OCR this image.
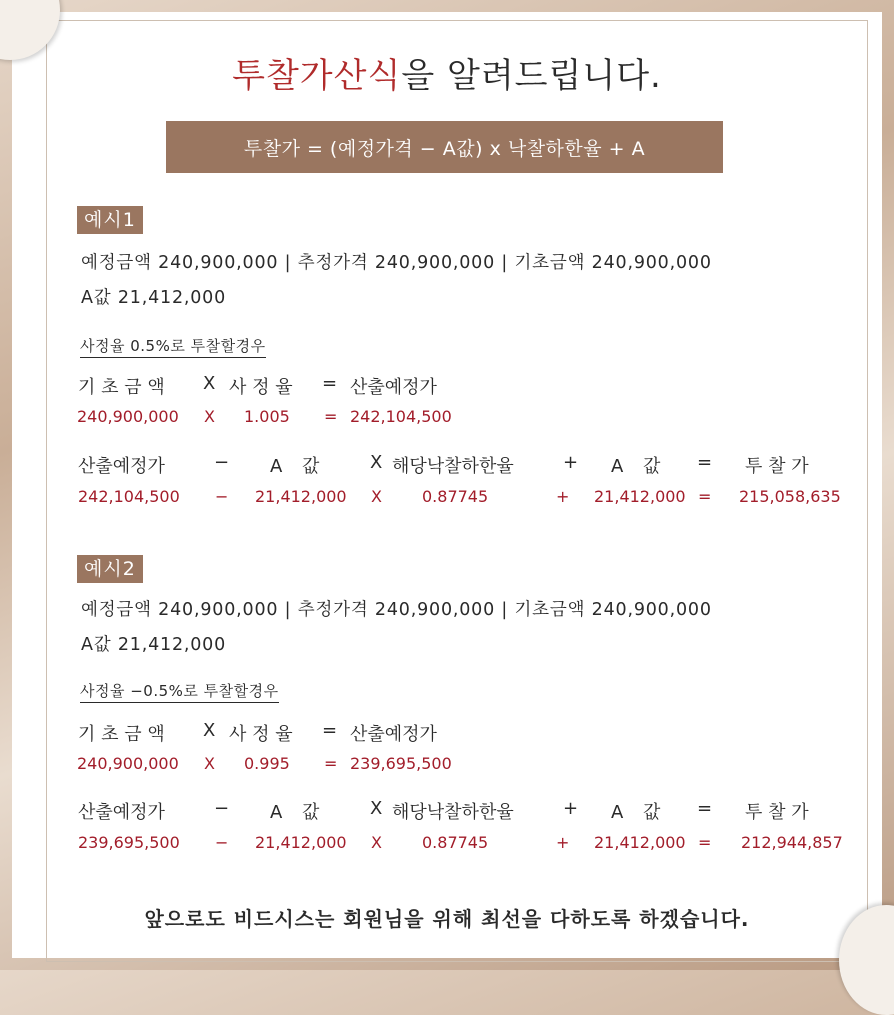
투찰가산식을 알려드립니다.
투찰가 = (예정가격 − A값) x 낙찰하한율 + A
예시1
예정금액 240,900,000 | 추정가격 240,900,000 | 기초금액 240,900,000
A값 21,412,000
사정율 0.5%로 투찰할경우
기 초 금 액 X 사 정 율 = 산출예정가
240,900,000 X 1.005 = 242,104,500
산출예정가	− A 값	X 해당낙찰하한율	+ A 값 = 투 찰 가
242,104,500 − 21,412,000 X	0.87745	+ 21,412,000 = 215,058,635
예시2
예정금액 240,900,000 | 추정가격 240,900,000 | 기초금액 240,900,000
A값 21,412,000
사정율 −0.5%로 투찰할경우
기 초 금 액 X 사 정 율 = 산출예정가
240,900,000 X 0.995 = 239,695,500
산출예정가	− A 값	X 해당낙찰하한율	+ A 값 = 투 찰 가
239,695,500 − 21,412,000 X	0.87745	+ 21,412,000 = 212,944,857
앞으로도 비드시스는 회원님을 위해 최선을 다하도록 하겠습니다.
